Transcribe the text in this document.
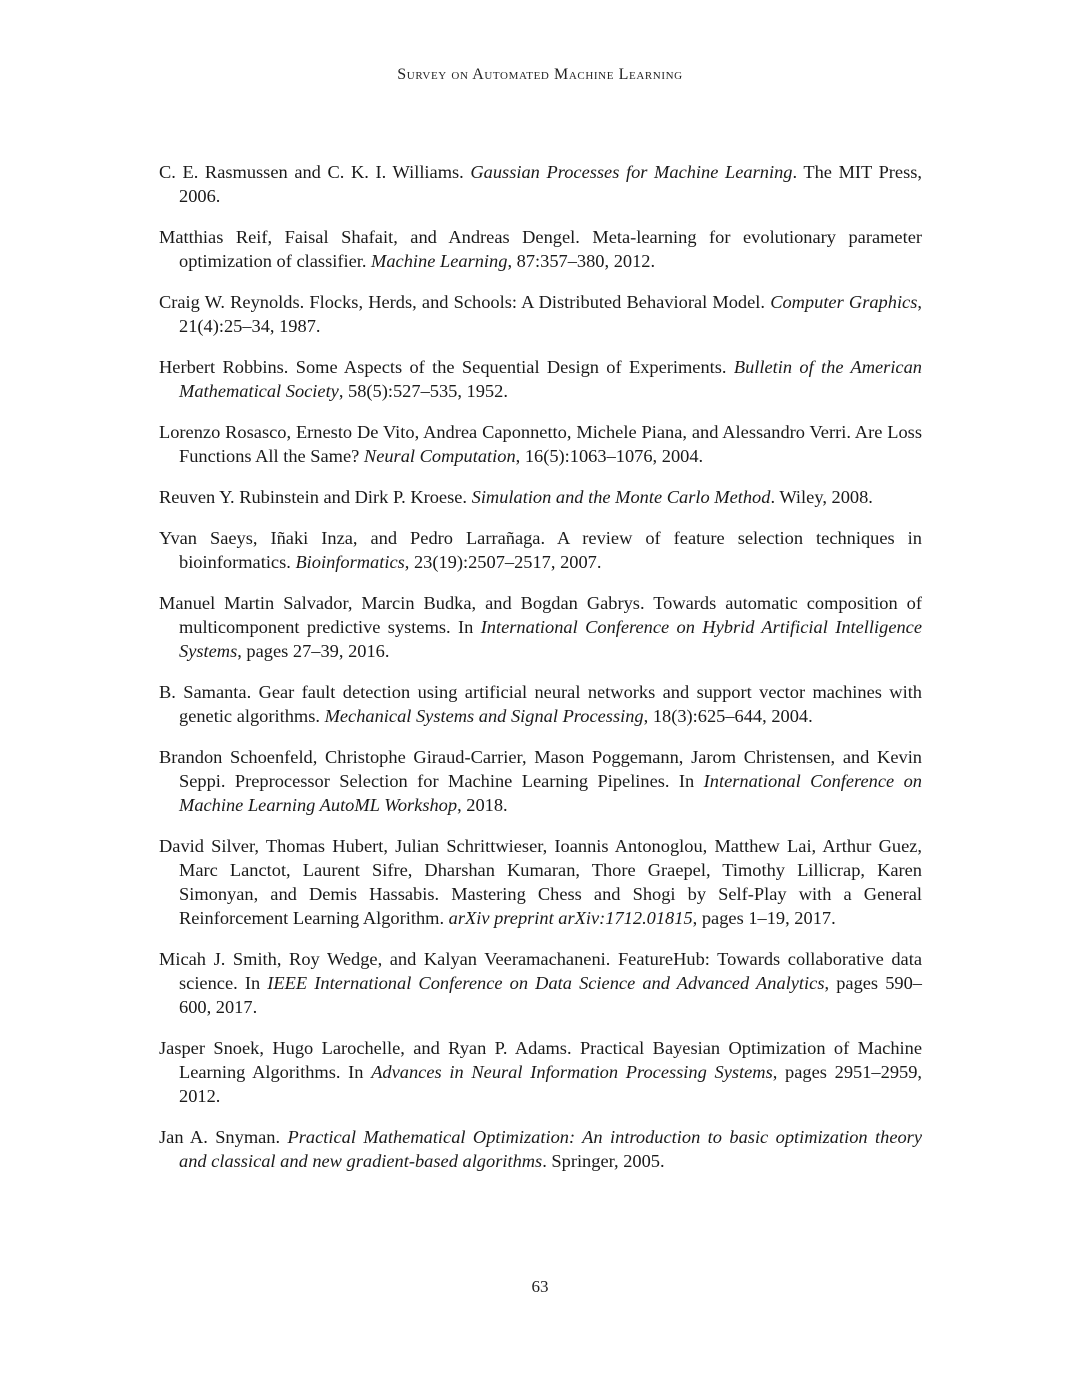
Survey on Automated Machine Learning

C. E. Rasmussen and C. K. I. Williams. Gaussian Processes for Machine Learning. The MIT Press, 2006.

Matthias Reif, Faisal Shafait, and Andreas Dengel. Meta-learning for evolutionary parameter optimization of classifier. Machine Learning, 87:357–380, 2012.

Craig W. Reynolds. Flocks, Herds, and Schools: A Distributed Behavioral Model. Computer Graphics, 21(4):25–34, 1987.

Herbert Robbins. Some Aspects of the Sequential Design of Experiments. Bulletin of the American Mathematical Society, 58(5):527–535, 1952.

Lorenzo Rosasco, Ernesto De Vito, Andrea Caponnetto, Michele Piana, and Alessandro Verri. Are Loss Functions All the Same? Neural Computation, 16(5):1063–1076, 2004.

Reuven Y. Rubinstein and Dirk P. Kroese. Simulation and the Monte Carlo Method. Wiley, 2008.

Yvan Saeys, Iñaki Inza, and Pedro Larrañaga. A review of feature selection techniques in bioinformatics. Bioinformatics, 23(19):2507–2517, 2007.

Manuel Martin Salvador, Marcin Budka, and Bogdan Gabrys. Towards automatic composition of multicomponent predictive systems. In International Conference on Hybrid Artificial Intelligence Systems, pages 27–39, 2016.

B. Samanta. Gear fault detection using artificial neural networks and support vector machines with genetic algorithms. Mechanical Systems and Signal Processing, 18(3):625–644, 2004.

Brandon Schoenfeld, Christophe Giraud-Carrier, Mason Poggemann, Jarom Christensen, and Kevin Seppi. Preprocessor Selection for Machine Learning Pipelines. In International Conference on Machine Learning AutoML Workshop, 2018.

David Silver, Thomas Hubert, Julian Schrittwieser, Ioannis Antonoglou, Matthew Lai, Arthur Guez, Marc Lanctot, Laurent Sifre, Dharshan Kumaran, Thore Graepel, Timothy Lillicrap, Karen Simonyan, and Demis Hassabis. Mastering Chess and Shogi by Self-Play with a General Reinforcement Learning Algorithm. arXiv preprint arXiv:1712.01815, pages 1–19, 2017.

Micah J. Smith, Roy Wedge, and Kalyan Veeramachaneni. FeatureHub: Towards collaborative data science. In IEEE International Conference on Data Science and Advanced Analytics, pages 590–600, 2017.

Jasper Snoek, Hugo Larochelle, and Ryan P. Adams. Practical Bayesian Optimization of Machine Learning Algorithms. In Advances in Neural Information Processing Systems, pages 2951–2959, 2012.

Jan A. Snyman. Practical Mathematical Optimization: An introduction to basic optimization theory and classical and new gradient-based algorithms. Springer, 2005.

63
